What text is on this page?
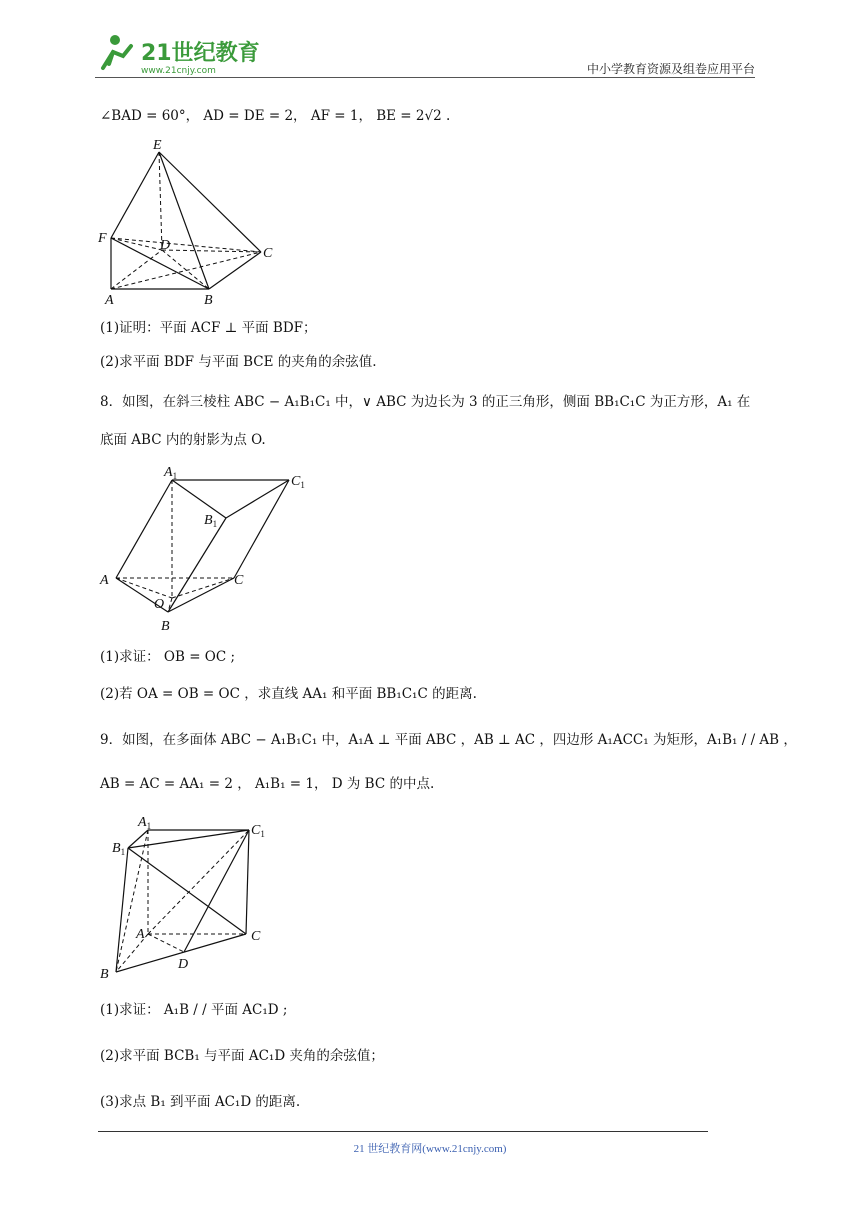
21世纪教育
www.21cnjy.com	中小学教育资源及组卷应用平台
∠BAD = 60°， AD = DE = 2， AF = 1， BE = 2√2 .
E
F	D
C
A	B
(1)证明：平面 ACF ⊥ 平面 BDF；
(2)求平面 BDF 与平面 BCE 的夹角的余弦值.
8．如图，在斜三棱柱 ABC − A₁B₁C₁ 中，∨ ABC 为边长为 3 的正三角形，侧面 BB₁C₁C 为正方形，A₁ 在
底面 ABC 内的射影为点 O.
$A_1$	$C_1$
$B_1$
A	C
O
B
(1)求证： OB = OC ;
(2)若 OA = OB = OC ，求直线 AA₁ 和平面 BB₁C₁C 的距离.
9．如图，在多面体 ABC − A₁B₁C₁ 中，A₁A ⊥ 平面 ABC ，AB ⊥ AC ，四边形 A₁ACC₁ 为矩形，A₁B₁ / / AB ，
AB = AC = AA₁ = 2 ， A₁B₁ = 1， D 为 BC 的中点.
$A_1$	$C_1$
$B_1$
A	C
D
B
(1)求证： A₁B / / 平面 AC₁D ;
(2)求平面 BCB₁ 与平面 AC₁D 夹角的余弦值；
(3)求点 B₁ 到平面 AC₁D 的距离.
21 世纪教育网(www.21cnjy.com)
